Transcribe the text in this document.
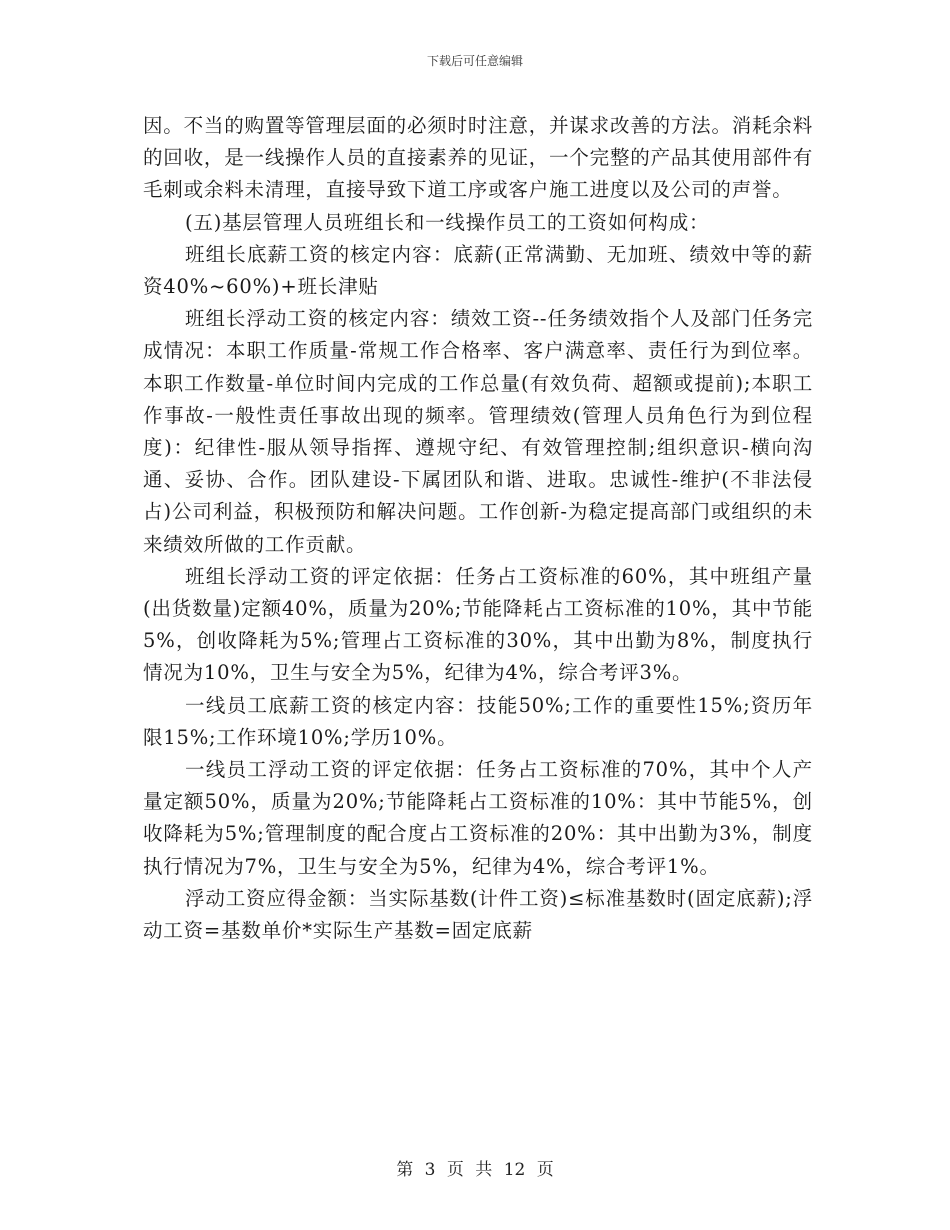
下载后可任意编辑

因。不当的购置等管理层面的必须时时注意，并谋求改善的方法。消耗余料的回收，是一线操作人员的直接素养的见证，一个完整的产品其使用部件有毛刺或余料未清理，直接导致下道工序或客户施工进度以及公司的声誉。

(五)基层管理人员班组长和一线操作员工的工资如何构成：

班组长底薪工资的核定内容：底薪(正常满勤、无加班、绩效中等的薪资40%~60%)+班长津贴

班组长浮动工资的核定内容：绩效工资--任务绩效指个人及部门任务完成情况：本职工作质量-常规工作合格率、客户满意率、责任行为到位率。本职工作数量-单位时间内完成的工作总量(有效负荷、超额或提前);本职工作事故-一般性责任事故出现的频率。管理绩效(管理人员角色行为到位程度)：纪律性-服从领导指挥、遵规守纪、有效管理控制;组织意识-横向沟通、妥协、合作。团队建设-下属团队和谐、进取。忠诚性-维护(不非法侵占)公司利益，积极预防和解决问题。工作创新-为稳定提高部门或组织的未来绩效所做的工作贡献。

班组长浮动工资的评定依据：任务占工资标准的60%，其中班组产量(出货数量)定额40%，质量为20%;节能降耗占工资标准的10%，其中节能5%，创收降耗为5%;管理占工资标准的30%，其中出勤为8%，制度执行情况为10%，卫生与安全为5%，纪律为4%，综合考评3%。

一线员工底薪工资的核定内容：技能50%;工作的重要性15%;资历年限15%;工作环境10%;学历10%。

一线员工浮动工资的评定依据：任务占工资标准的70%，其中个人产量定额50%，质量为20%;节能降耗占工资标准的10%：其中节能5%，创收降耗为5%;管理制度的配合度占工资标准的20%：其中出勤为3%，制度执行情况为7%，卫生与安全为5%，纪律为4%，综合考评1%。

浮动工资应得金额：当实际基数(计件工资)≤标准基数时(固定底薪);浮动工资=基数单价*实际生产基数=固定底薪

第 3 页 共 12 页
